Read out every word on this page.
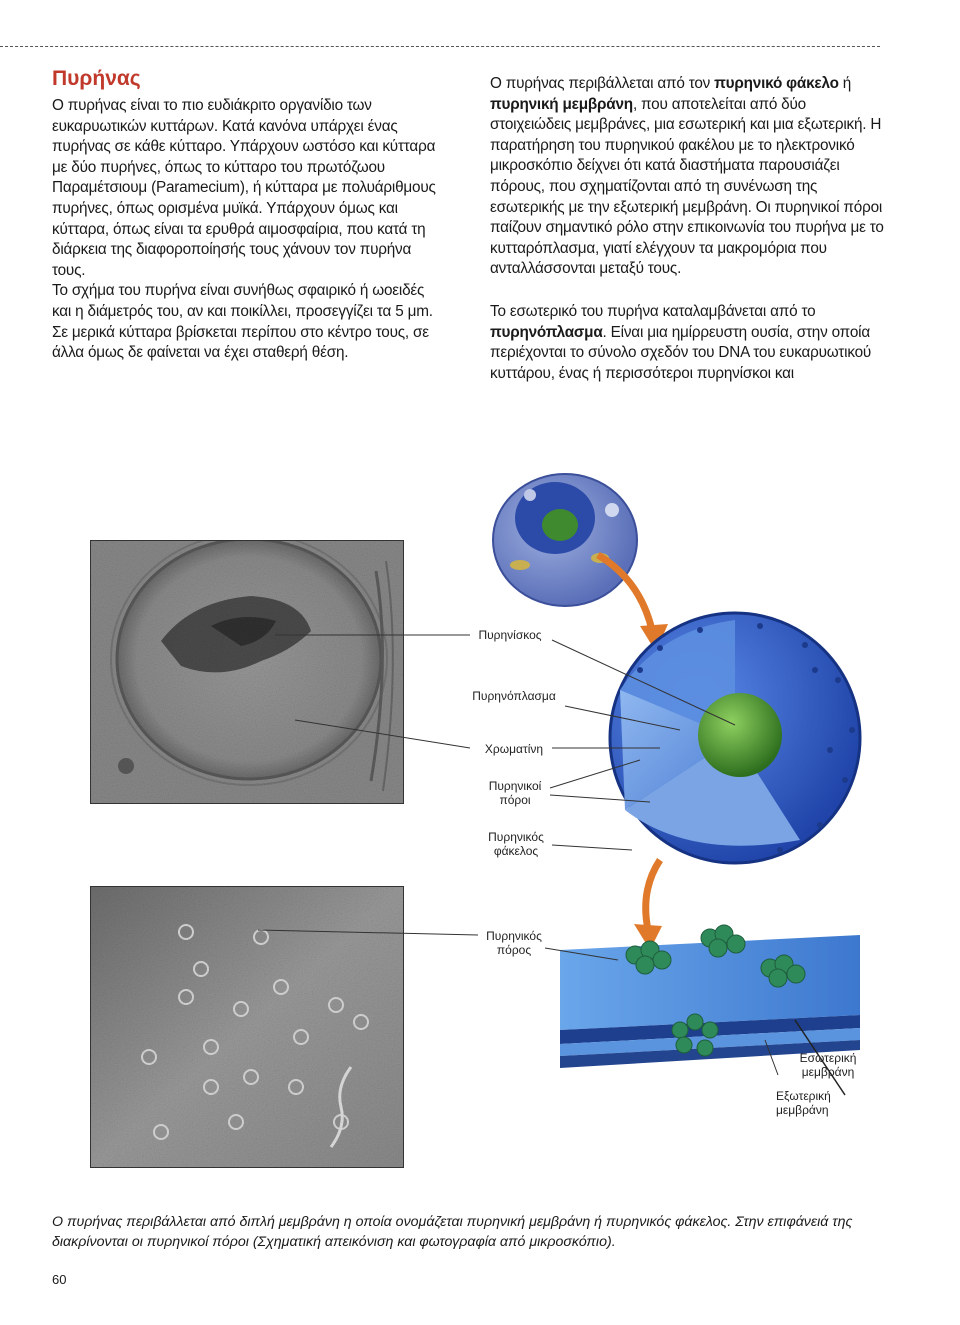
Πυρήνας

Ο πυρήνας είναι το πιο ευδιάκριτο οργανίδιο των ευκαρυωτικών κυττάρων. Κατά κανόνα υπάρχει ένας πυρήνας σε κάθε κύτταρο. Υπάρχουν ωστόσο και κύτταρα με δύο πυρήνες, όπως το κύτταρο του πρωτόζωου Παραμέτσιουμ (Paramecium), ή κύτταρα με πολυάριθμους πυρήνες, όπως ορισμένα μυϊκά. Υπάρχουν όμως και κύτταρα, όπως είναι τα ερυθρά αιμοσφαίρια, που κατά τη διάρκεια της διαφοροποίησής τους χάνουν τον πυρήνα τους.

Το σχήμα του πυρήνα είναι συνήθως σφαιρικό ή ωοειδές και η διάμετρός του, αν και ποικίλλει, προσεγγίζει τα 5 μm. Σε μερικά κύτταρα βρίσκεται περίπου στο κέντρο τους, σε άλλα όμως δε φαίνεται να έχει σταθερή θέση.

Ο πυρήνας περιβάλλεται από τον πυρηνικό φάκελο ή πυρηνική μεμβράνη, που αποτελείται από δύο στοιχειώδεις μεμβράνες, μια εσωτερική και μια εξωτερική. Η παρατήρηση του πυρηνικού φακέλου με το ηλεκτρονικό μικροσκόπιο δείχνει ότι κατά διαστήματα παρουσιάζει πόρους, που σχηματίζονται από τη συνένωση της εσωτερικής με την εξωτερική μεμβράνη. Οι πυρηνικοί πόροι παίζουν σημαντικό ρόλο στην επικοινωνία του πυρήνα με το κυτταρόπλασμα, γιατί ελέγχουν τα μακρομόρια που ανταλλάσσονται μεταξύ τους.

Το εσωτερικό του πυρήνα καταλαμβάνεται από το πυρηνόπλασμα. Είναι μια ημίρρευστη ουσία, στην οποία περιέχονται το σύνολο σχεδόν του DNA του ευκαρυωτικού κυττάρου, ένας ή περισσότεροι πυρηνίσκοι και

Πυρηνίσκος
Πυρηνόπλασμα
Χρωματίνη
Πυρηνικοί
πόροι
Πυρηνικός
φάκελος
Πυρηνικός
πόρος
Εσωτερική
μεμβράνη
Εξωτερική
μεμβράνη
Ο πυρήνας περιβάλλεται από διπλή μεμβράνη η οποία ονομάζεται πυρηνική μεμβράνη ή πυρηνικός φάκελος. Στην επιφάνειά της διακρίνονται οι πυρηνικοί πόροι (Σχηματική απεικόνιση και φωτογραφία από μικροσκόπιο).
60
